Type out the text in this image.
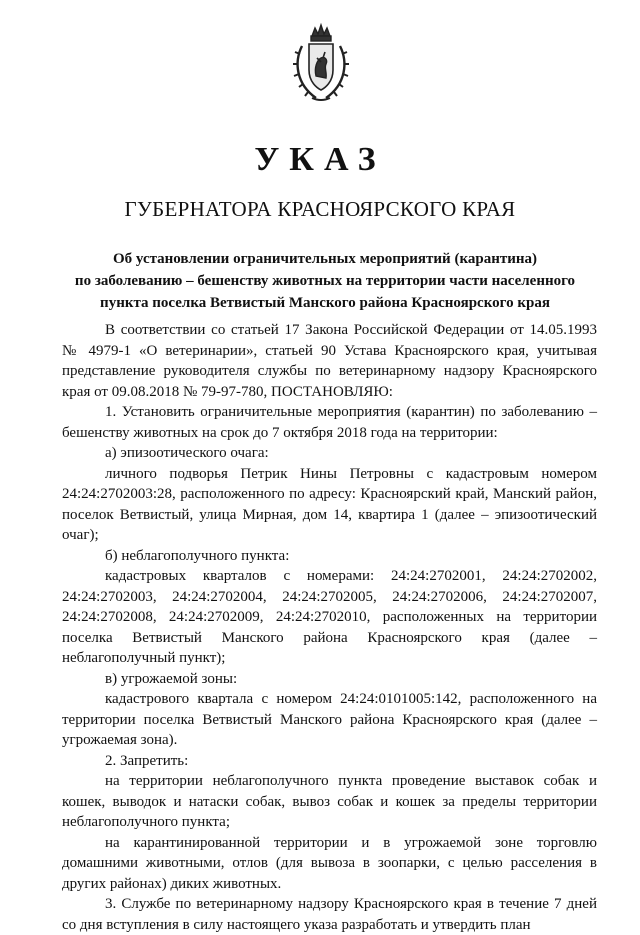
УКАЗ
ГУБЕРНАТОРА КРАСНОЯРСКОГО КРАЯ
Об установлении ограничительных мероприятий (карантина)
по заболеванию – бешенству животных на территории части населенного
пункта поселка Ветвистый Манского района Красноярского края

В соответствии со статьей 17 Закона Российской Федерации от 14.05.1993 № 4979-1 «О ветеринарии», статьей 90 Устава Красноярского края, учитывая представление руководителя службы по ветеринарному надзору Красноярского края от 09.08.2018 № 79-97-780, ПОСТАНОВЛЯЮ:

1. Установить ограничительные мероприятия (карантин) по заболеванию – бешенству животных на срок до 7 октября 2018 года на территории:

а) эпизоотического очага:

личного подворья Петрик Нины Петровны с кадастровым номером 24:24:2702003:28, расположенного по адресу: Красноярский край, Манский район, поселок Ветвистый, улица Мирная, дом 14, квартира 1 (далее – эпизоотический очаг);

б) неблагополучного пункта:

кадастровых кварталов с номерами: 24:24:2702001, 24:24:2702002, 24:24:2702003, 24:24:2702004, 24:24:2702005, 24:24:2702006, 24:24:2702007, 24:24:2702008, 24:24:2702009, 24:24:2702010, расположенных на территории поселка Ветвистый Манского района Красноярского края (далее – неблагополучный пункт);

в) угрожаемой зоны:

кадастрового квартала с номером 24:24:0101005:142, расположенного на территории поселка Ветвистый Манского района Красноярского края (далее – угрожаемая зона).

2. Запретить:

на территории неблагополучного пункта проведение выставок собак и кошек, выводок и натаски собак, вывоз собак и кошек за пределы территории неблагополучного пункта;

на карантинированной территории и в угрожаемой зоне торговлю домашними животными, отлов (для вывоза в зоопарки, с целью расселения в других районах) диких животных.

3. Службе по ветеринарному надзору Красноярского края в течение 7 дней со дня вступления в силу настоящего указа разработать и утвердить план
